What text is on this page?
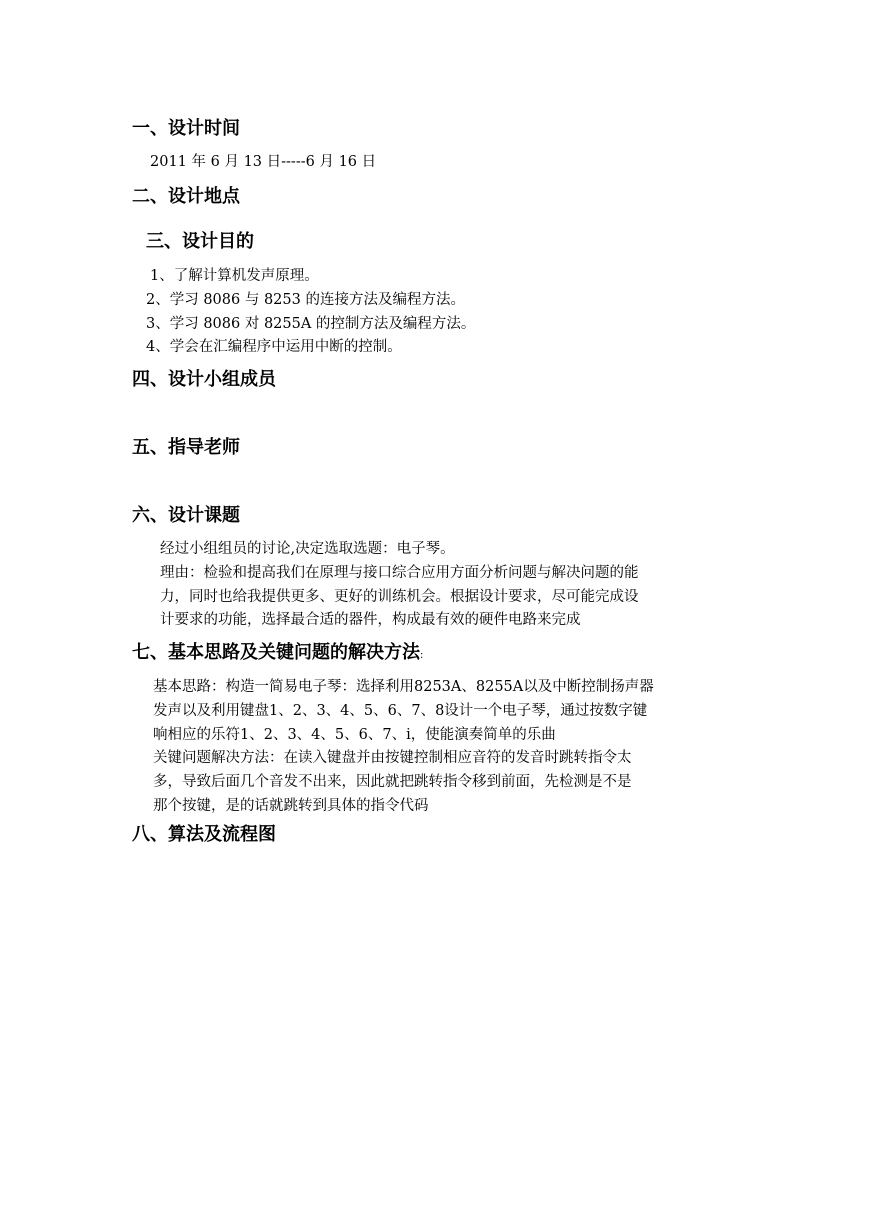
一、设计时间
2011 年 6 月 13 日-----6 月 16 日
二、设计地点
三、设计目的
1、了解计算机发声原理。
2、学习 8086 与 8253 的连接方法及编程方法。
3、学习 8086 对 8255A 的控制方法及编程方法。
4、学会在汇编程序中运用中断的控制。
四、设计小组成员
五、指导老师
六、设计课题
经过小组组员的讨论,决定选取选题：电子琴。
理由：检验和提高我们在原理与接口综合应用方面分析问题与解决问题的能
力，同时也给我提供更多、更好的训练机会。根据设计要求，尽可能完成设
计要求的功能，选择最合适的器件，构成最有效的硬件电路来完成
七、基本思路及关键问题的解决方法:
基本思路：构造一简易电子琴：选择利用8253A、8255A以及中断控制扬声器
发声以及利用键盘1、2、3、4、5、6、7、8设计一个电子琴，通过按数字键
响相应的乐符1、2、3、4、5、6、7、i，使能演奏简单的乐曲
关键问题解决方法：在读入键盘并由按键控制相应音符的发音时跳转指令太
多，导致后面几个音发不出来，因此就把跳转指令移到前面，先检测是不是
那个按键，是的话就跳转到具体的指令代码
八、算法及流程图
